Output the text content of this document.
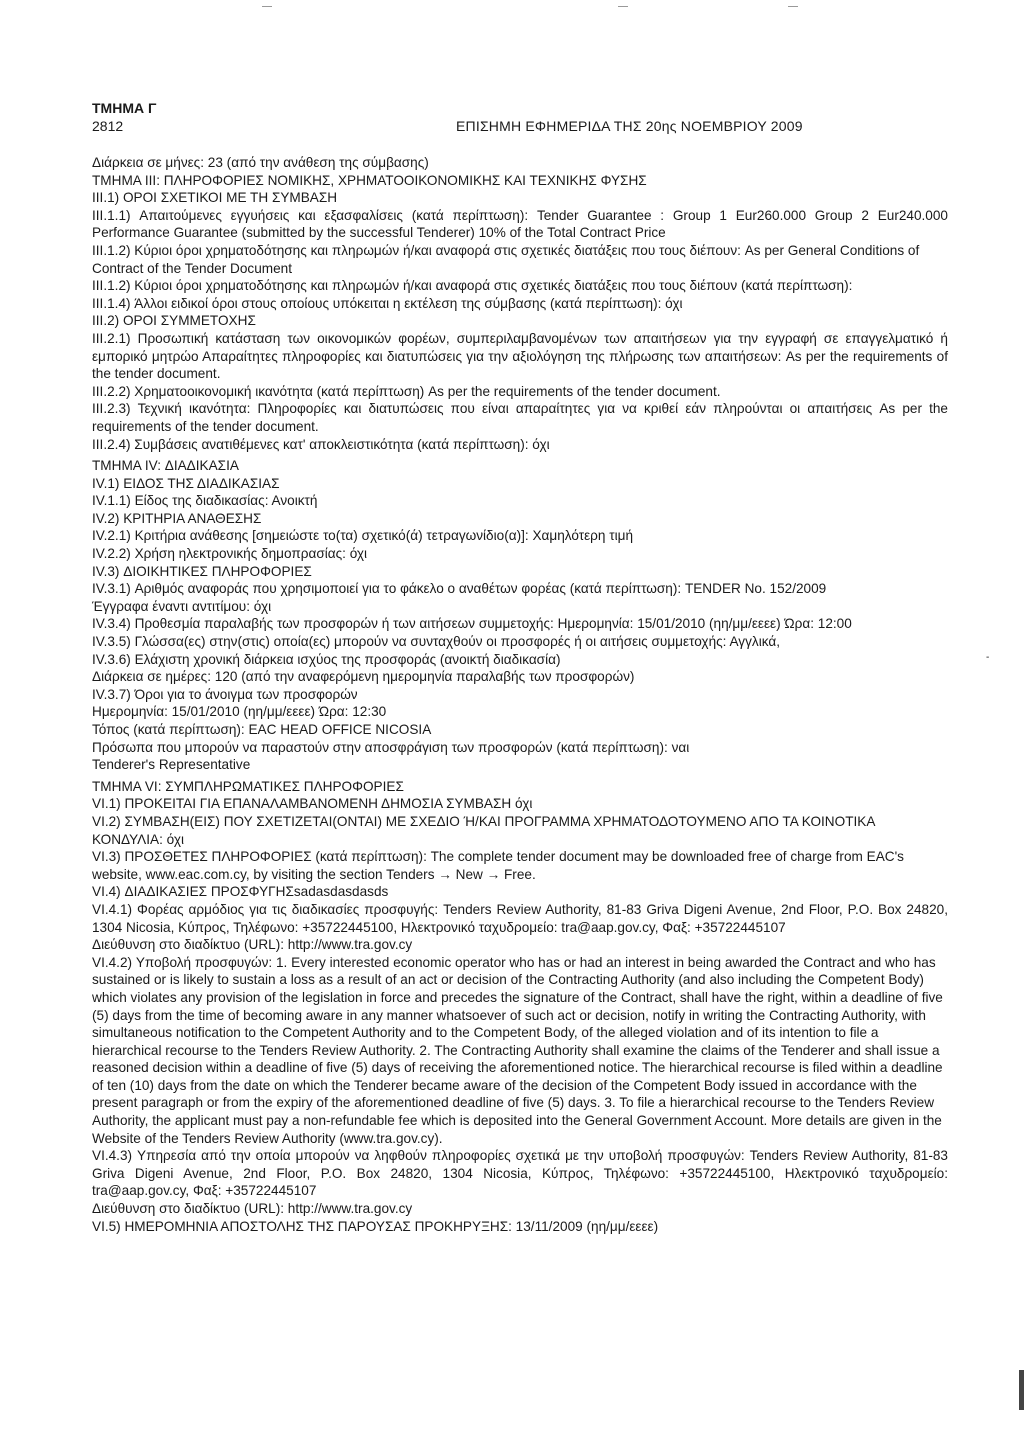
ΤΜΗΜΑ Γ
2812	ΕΠΙΣΗΜΗ ΕΦΗΜΕΡΙΔΑ ΤΗΣ 20ης ΝΟΕΜΒΡΙΟΥ 2009

Διάρκεια σε μήνες: 23 (από την ανάθεση της σύμβασης)

ΤΜΗΜΑ III: ΠΛΗΡΟΦΟΡΙΕΣ ΝΟΜΙΚΗΣ, ΧΡΗΜΑΤΟΟΙΚΟΝΟΜΙΚΗΣ ΚΑΙ ΤΕΧΝΙΚΗΣ ΦΥΣΗΣ

III.1) ΟΡΟΙ ΣΧΕΤΙΚΟΙ ΜΕ ΤΗ ΣΥΜΒΑΣΗ

III.1.1) Απαιτούμενες εγγυήσεις και εξασφαλίσεις (κατά περίπτωση): Tender Guarantee : Group 1 Eur260.000 Group 2 Eur240.000 Performance Guarantee (submitted by the successful Tenderer) 10% of the Total Contract Price

III.1.2) Κύριοι όροι χρηματοδότησης και πληρωμών ή/και αναφορά στις σχετικές διατάξεις που τους διέπουν: As per General Conditions of Contract of the Tender Document

III.1.2) Κύριοι όροι χρηματοδότησης και πληρωμών ή/και αναφορά στις σχετικές διατάξεις που τους διέπουν (κατά περίπτωση):

III.1.4) Άλλοι ειδικοί όροι στους οποίους υπόκειται η εκτέλεση της σύμβασης (κατά περίπτωση): όχι

III.2) ΟΡΟΙ ΣΥΜΜΕΤΟΧΗΣ

III.2.1) Προσωπική κατάσταση των οικονομικών φορέων, συμπεριλαμβανομένων των απαιτήσεων για την εγγραφή σε επαγγελματικό ή εμπορικό μητρώο Απαραίτητες πληροφορίες και διατυπώσεις για την αξιολόγηση της πλήρωσης των απαιτήσεων: As per the requirements of the tender document.

III.2.2) Χρηματοοικονομική ικανότητα (κατά περίπτωση) As per the requirements of the tender document.

III.2.3) Τεχνική ικανότητα: Πληροφορίες και διατυπώσεις που είναι απαραίτητες για να κριθεί εάν πληρούνται οι απαιτήσεις As per the requirements of the tender document.

III.2.4) Συμβάσεις ανατιθέμενες κατ' αποκλειστικότητα (κατά περίπτωση): όχι

ΤΜΗΜΑ IV: ΔΙΑΔΙΚΑΣΙΑ

IV.1) ΕΙΔΟΣ ΤΗΣ ΔΙΑΔΙΚΑΣΙΑΣ

IV.1.1) Είδος της διαδικασίας: Ανοικτή

IV.2) ΚΡΙΤΗΡΙΑ ΑΝΑΘΕΣΗΣ

IV.2.1) Κριτήρια ανάθεσης [σημειώστε το(τα) σχετικό(ά) τετραγωνίδιο(α)]: Χαμηλότερη τιμή

IV.2.2) Χρήση ηλεκτρονικής δημοπρασίας: όχι

IV.3) ΔΙΟΙΚΗΤΙΚΕΣ ΠΛΗΡΟΦΟΡΙΕΣ

IV.3.1) Αριθμός αναφοράς που χρησιμοποιεί για το φάκελο ο αναθέτων φορέας (κατά περίπτωση): TENDER No. 152/2009

Έγγραφα έναντι αντιτίμου: όχι

IV.3.4) Προθεσμία παραλαβής των προσφορών ή των αιτήσεων συμμετοχής: Ημερομηνία: 15/01/2010 (ηη/μμ/εεεε) Ώρα: 12:00

IV.3.5) Γλώσσα(ες) στην(στις) οποία(ες) μπορούν να συνταχθούν οι προσφορές ή οι αιτήσεις συμμετοχής: Αγγλικά,

IV.3.6) Ελάχιστη χρονική διάρκεια ισχύος της προσφοράς (ανοικτή διαδικασία)

Διάρκεια σε ημέρες: 120 (από την αναφερόμενη ημερομηνία παραλαβής των προσφορών)

IV.3.7) Όροι για το άνοιγμα των προσφορών

Ημερομηνία: 15/01/2010 (ηη/μμ/εεεε) Ώρα: 12:30

Τόπος (κατά περίπτωση): EAC HEAD OFFICE NICOSIA

Πρόσωπα που μπορούν να παραστούν στην αποσφράγιση των προσφορών (κατά περίπτωση): ναι

Tenderer's Representative

ΤΜΗΜΑ VI: ΣΥΜΠΛΗΡΩΜΑΤΙΚΕΣ ΠΛΗΡΟΦΟΡΙΕΣ

VI.1) ΠΡΟΚΕΙΤΑΙ ΓΙΑ ΕΠΑΝΑΛΑΜΒΑΝΟΜΕΝΗ ΔΗΜΟΣΙΑ ΣΥΜΒΑΣΗ όχι

VI.2) ΣΥΜΒΑΣΗ(ΕΙΣ) ΠΟΥ ΣΧΕΤΙΖΕΤΑΙ(ΟΝΤΑΙ) ΜΕ ΣΧΕΔΙΟ Ή/ΚΑΙ ΠΡΟΓΡΑΜΜΑ ΧΡΗΜΑΤΟΔΟΤΟΥΜΕΝΟ ΑΠΟ ΤΑ ΚΟΙΝΟΤΙΚΑ ΚΟΝΔΥΛΙΑ: όχι

VI.3) ΠΡΟΣΘΕΤΕΣ ΠΛΗΡΟΦΟΡΙΕΣ (κατά περίπτωση): The complete tender document may be downloaded free of charge from EAC's website, www.eac.com.cy, by visiting the section Tenders → New → Free.

VI.4) ΔΙΑΔΙΚΑΣΙΕΣ ΠΡΟΣΦΥΓΗΣsadasdasdasds

VI.4.1) Φορέας αρμόδιος για τις διαδικασίες προσφυγής: Tenders Review Authority, 81-83 Griva Digeni Avenue, 2nd Floor, P.O. Box 24820, 1304 Nicosia, Κύπρος, Τηλέφωνο: +35722445100, Ηλεκτρονικό ταχυδρομείο: tra@aap.gov.cy, Φαξ: +35722445107

Διεύθυνση στο διαδίκτυο (URL): http://www.tra.gov.cy

VI.4.2) Υποβολή προσφυγών: 1. Every interested economic operator who has or had an interest in being awarded the Contract and who has sustained or is likely to sustain a loss as a result of an act or decision of the Contracting Authority (and also including the Competent Body) which violates any provision of the legislation in force and precedes the signature of the Contract, shall have the right, within a deadline of five (5) days from the time of becoming aware in any manner whatsoever of such act or decision, notify in writing the Contracting Authority, with simultaneous notification to the Competent Authority and to the Competent Body, of the alleged violation and of its intention to file a hierarchical recourse to the Tenders Review Authority. 2. The Contracting Authority shall examine the claims of the Tenderer and shall issue a reasoned decision within a deadline of five (5) days of receiving the aforementioned notice. The hierarchical recourse is filed within a deadline of ten (10) days from the date on which the Tenderer became aware of the decision of the Competent Body issued in accordance with the present paragraph or from the expiry of the aforementioned deadline of five (5) days. 3. To file a hierarchical recourse to the Tenders Review Authority, the applicant must pay a non-refundable fee which is deposited into the General Government Account. More details are given in the Website of the Tenders Review Authority (www.tra.gov.cy).

VI.4.3) Υπηρεσία από την οποία μπορούν να ληφθούν πληροφορίες σχετικά με την υποβολή προσφυγών: Tenders Review Authority, 81-83 Griva Digeni Avenue, 2nd Floor, P.O. Box 24820, 1304 Nicosia, Κύπρος, Τηλέφωνο: +35722445100, Ηλεκτρονικό ταχυδρομείο: tra@aap.gov.cy, Φαξ: +35722445107

Διεύθυνση στο διαδίκτυο (URL): http://www.tra.gov.cy

VI.5) ΗΜΕΡΟΜΗΝΙΑ ΑΠΟΣΤΟΛΗΣ ΤΗΣ ΠΑΡΟΥΣΑΣ ΠΡΟΚΗΡΥΞΗΣ: 13/11/2009 (ηη/μμ/εεεε)

-
